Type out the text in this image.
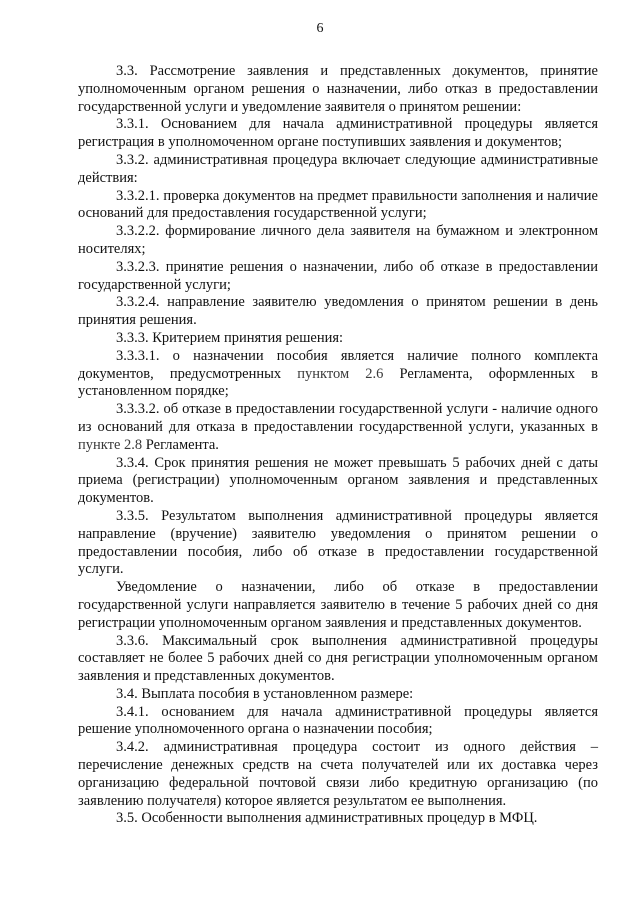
6

3.3. Рассмотрение заявления и представленных документов, принятие уполномоченным органом решения о назначении, либо отказ в предоставлении государственной услуги и уведомление заявителя о принятом решении:

3.3.1. Основанием для начала административной процедуры является регистрация в уполномоченном органе поступивших заявления и документов;

3.3.2. административная процедура включает следующие административные действия:

3.3.2.1. проверка документов на предмет правильности заполнения и наличие оснований для предоставления государственной услуги;

3.3.2.2. формирование личного дела заявителя на бумажном и электронном носителях;

3.3.2.3. принятие решения о назначении, либо об отказе в предоставлении государственной услуги;

3.3.2.4. направление заявителю уведомления о принятом решении в день принятия решения.

3.3.3. Критерием принятия решения:

3.3.3.1. о назначении пособия является наличие полного комплекта документов, предусмотренных пунктом 2.6 Регламента, оформленных в установленном порядке;

3.3.3.2. об отказе в предоставлении государственной услуги - наличие одного из оснований для отказа в предоставлении государственной услуги, указанных в пункте 2.8 Регламента.

3.3.4. Срок принятия решения не может превышать 5 рабочих дней с даты приема (регистрации) уполномоченным органом заявления и представленных документов.

3.3.5. Результатом выполнения административной процедуры является направление (вручение) заявителю уведомления о принятом решении о предоставлении пособия, либо об отказе в предоставлении государственной услуги.

Уведомление о назначении, либо об отказе в предоставлении государственной услуги направляется заявителю в течение 5 рабочих дней со дня регистрации уполномоченным органом заявления и представленных документов.

3.3.6. Максимальный срок выполнения административной процедуры составляет не более 5 рабочих дней со дня регистрации уполномоченным органом заявления и представленных документов.

3.4. Выплата пособия в установленном размере:

3.4.1. основанием для начала административной процедуры является решение уполномоченного органа о назначении пособия;

3.4.2. административная процедура состоит из одного действия – перечисление денежных средств на счета получателей или их доставка через организацию федеральной почтовой связи либо кредитную организацию (по заявлению получателя) которое является результатом ее выполнения.

3.5. Особенности выполнения административных процедур в МФЦ.
